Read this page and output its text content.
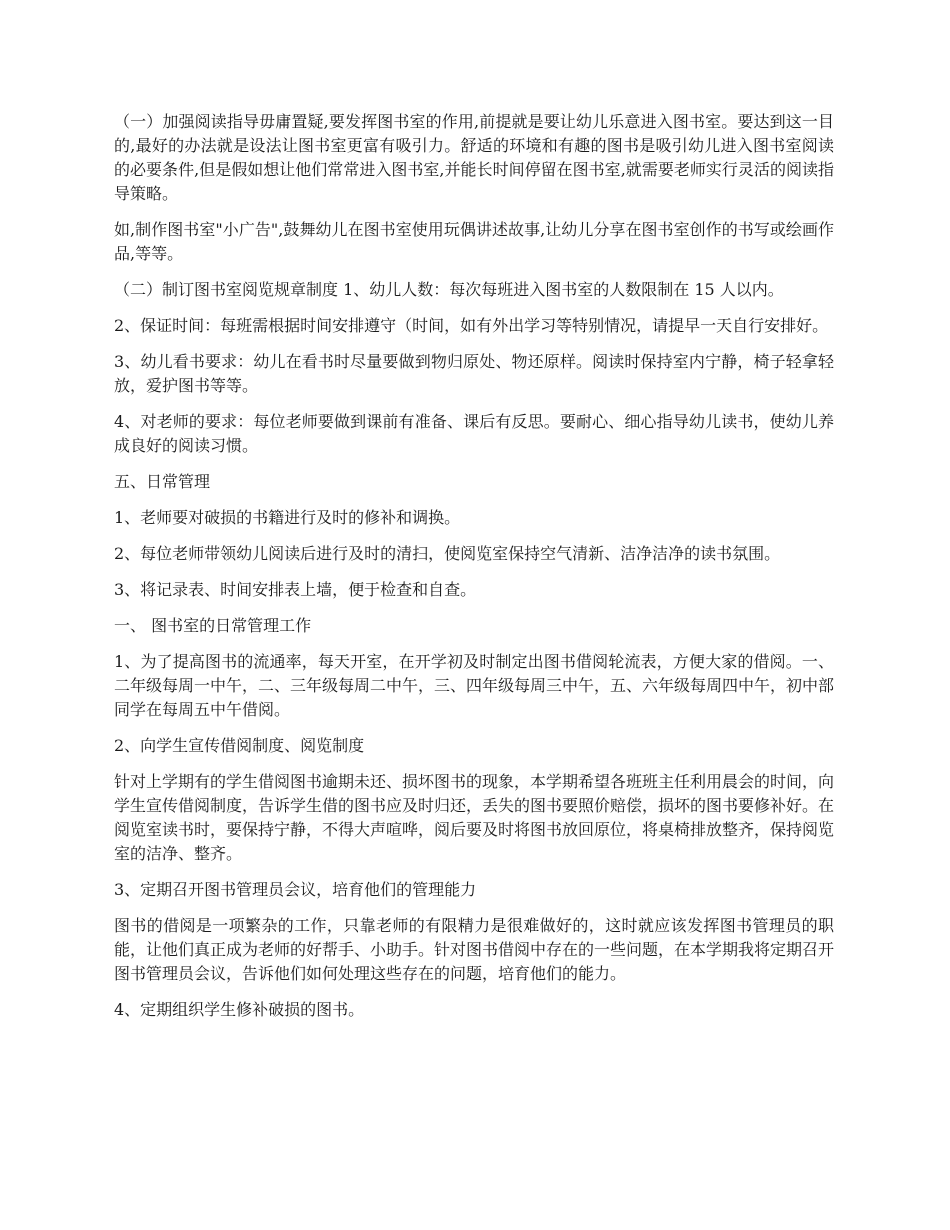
（一）加强阅读指导毋庸置疑,要发挥图书室的作用,前提就是要让幼儿乐意进入图书室。要达到这一目的,最好的办法就是设法让图书室更富有吸引力。舒适的环境和有趣的图书是吸引幼儿进入图书室阅读的必要条件,但是假如想让他们常常进入图书室,并能长时间停留在图书室,就需要老师实行灵活的阅读指导策略。

如,制作图书室"小广告",鼓舞幼儿在图书室使用玩偶讲述故事,让幼儿分享在图书室创作的书写或绘画作品,等等。

（二）制订图书室阅览规章制度 1、幼儿人数：每次每班进入图书室的人数限制在 15 人以内。

2、保证时间：每班需根据时间安排遵守（时间，如有外出学习等特别情况，请提早一天自行安排好。

3、幼儿看书要求：幼儿在看书时尽量要做到物归原处、物还原样。阅读时保持室内宁静，椅子轻拿轻放，爱护图书等等。

4、对老师的要求：每位老师要做到课前有准备、课后有反思。要耐心、细心指导幼儿读书，使幼儿养成良好的阅读习惯。

五、日常管理

1、老师要对破损的书籍进行及时的修补和调换。

2、每位老师带领幼儿阅读后进行及时的清扫，使阅览室保持空气清新、洁净洁净的读书氛围。

3、将记录表、时间安排表上墙，便于检查和自查。

一、 图书室的日常管理工作

1、为了提高图书的流通率，每天开室，在开学初及时制定出图书借阅轮流表，方便大家的借阅。一、二年级每周一中午，二、三年级每周二中午，三、四年级每周三中午，五、六年级每周四中午，初中部同学在每周五中午借阅。

2、向学生宣传借阅制度、阅览制度

针对上学期有的学生借阅图书逾期未还、损坏图书的现象，本学期希望各班班主任利用晨会的时间，向学生宣传借阅制度，告诉学生借的图书应及时归还，丢失的图书要照价赔偿，损坏的图书要修补好。在阅览室读书时，要保持宁静，不得大声喧哗，阅后要及时将图书放回原位，将桌椅排放整齐，保持阅览室的洁净、整齐。

3、定期召开图书管理员会议，培育他们的管理能力

图书的借阅是一项繁杂的工作，只靠老师的有限精力是很难做好的，这时就应该发挥图书管理员的职能，让他们真正成为老师的好帮手、小助手。针对图书借阅中存在的一些问题，在本学期我将定期召开图书管理员会议，告诉他们如何处理这些存在的问题，培育他们的能力。

4、定期组织学生修补破损的图书。
